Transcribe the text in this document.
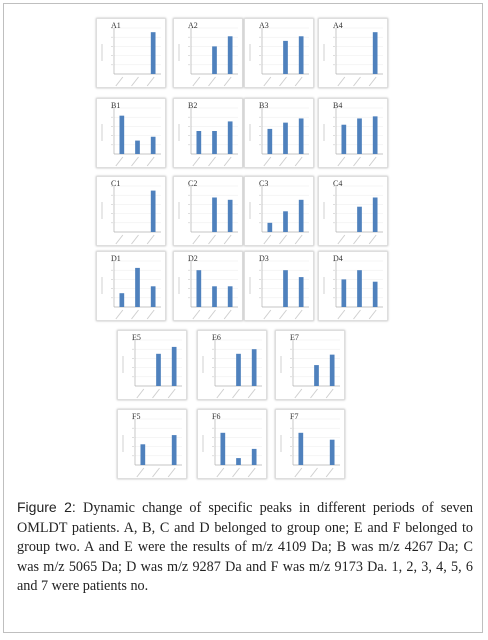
A1	A2	A3	A4
B1	B2	B3	B4
C1	C2	C3	C4
D1	D2	D3	D4
E5	E6	E7
F5	F6	F7
Figure 2: Dynamic change of specific peaks in different periods of seven OMLDT patients. A, B, C and D belonged to group one; E and F belonged to group two. A and E were the results of m/z 4109 Da; B was m/z 4267 Da; C was m/z 5065 Da; D was m/z 9287 Da and F was m/z 9173 Da. 1, 2, 3, 4, 5, 6 and 7 were patients no.
